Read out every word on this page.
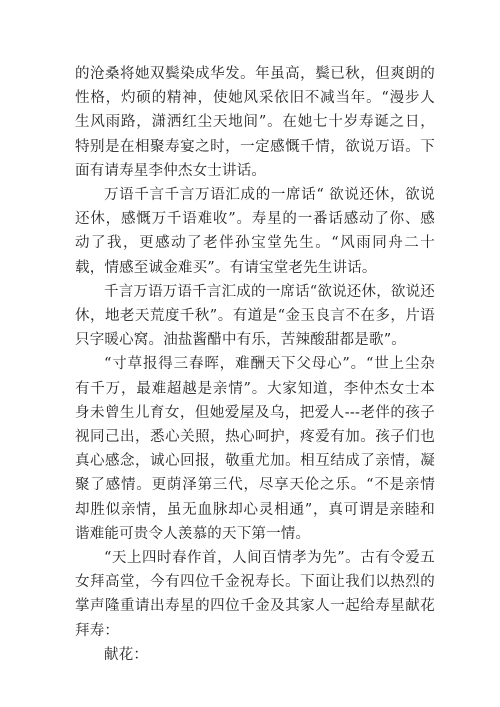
的沧桑将她双鬓染成华发。年虽高，鬓已秋，但爽朗的性格，灼硕的精神，使她风采依旧不减当年。“漫步人生风雨路，潇洒红尘天地间”。在她七十岁寿诞之日，特别是在相聚寿宴之时，一定感慨千情，欲说万语。下面有请寿星李仲杰女士讲话。

万语千言千言万语汇成的一席话“ 欲说还休，欲说还休，感慨万千语难收”。寿星的一番话感动了你、感动了我，更感动了老伴孙宝堂先生。“风雨同舟二十载，情感至诚金难买”。有请宝堂老先生讲话。

千言万语万语千言汇成的一席话“欲说还休，欲说还休，地老天荒度千秋”。有道是“金玉良言不在多，片语只字暖心窝。油盐酱醋中有乐，苦辣酸甜都是歌”。

“寸草报得三春晖，难酬天下父母心”。“世上尘杂有千万，最难超越是亲情”。大家知道，李仲杰女士本身未曾生儿育女，但她爱屋及乌，把爱人---老伴的孩子视同己出，悉心关照，热心呵护，疼爱有加。孩子们也真心感念，诚心回报，敬重尤加。相互结成了亲情，凝聚了感情。更荫泽第三代，尽享天伦之乐。“不是亲情却胜似亲情，虽无血脉却心灵相通”，真可谓是亲睦和谐难能可贵令人羡慕的天下第一情。

“天上四时春作首，人间百情孝为先”。古有令爱五女拜高堂，今有四位千金祝寿长。下面让我们以热烈的掌声隆重请出寿星的四位千金及其家人一起给寿星献花拜寿：

献花：
